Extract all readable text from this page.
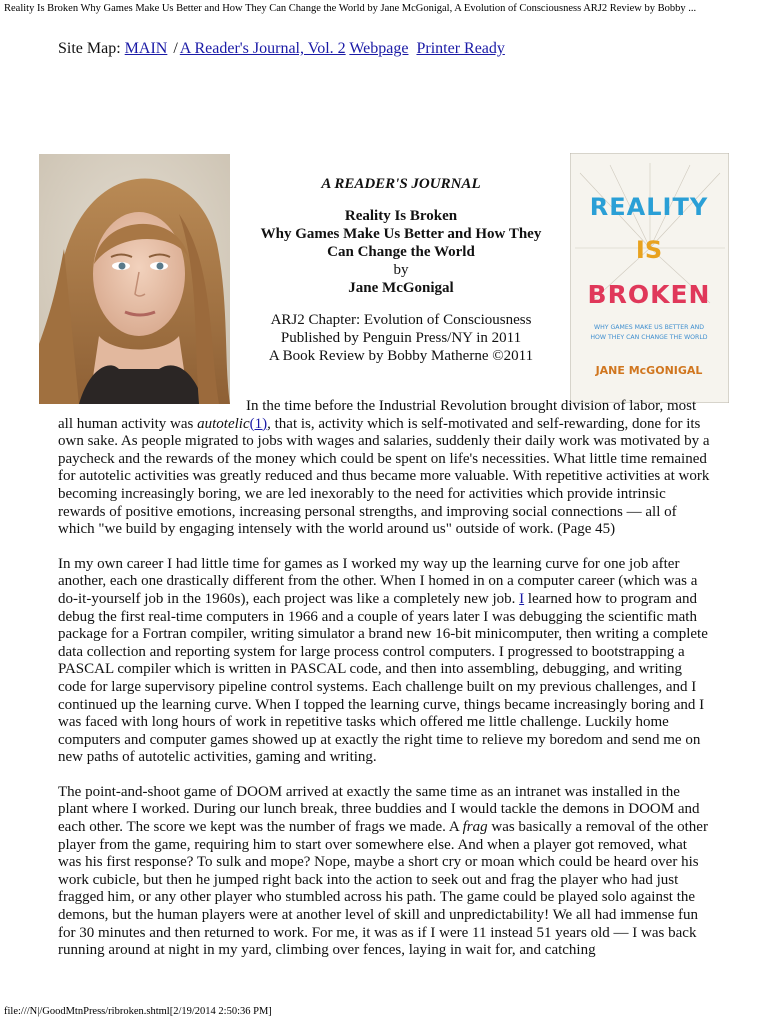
Reality Is Broken Why Games Make Us Better and How They Can Change the World by Jane McGonigal, A Evolution of Consciousness ARJ2 Review by Bobby ...
Site Map: MAIN / A Reader's Journal, Vol. 2 Webpage Printer Ready

A READER'S JOURNAL

Reality Is Broken
Why Games Make Us Better and How They
Can Change the World
by
Jane McGonigal

ARJ2 Chapter: Evolution of Consciousness
Published by Penguin Press/NY in 2011
A Book Review by Bobby Matherne ©2011

REALITY
IS
BROKEN
WHY GAMES MAKE US BETTER AND
HOW THEY CAN CHANGE THE WORLD
JANE McGONIGAL

In the time before the Industrial Revolution brought division of labor, most all human activity was autotelic(1), that is, activity which is self-motivated and self-rewarding, done for its own sake. As people migrated to jobs with wages and salaries, suddenly their daily work was motivated by a paycheck and the rewards of the money which could be spent on life's necessities. What little time remained for autotelic activities was greatly reduced and thus became more valuable. With repetitive activities at work becoming increasingly boring, we are led inexorably to the need for activities which provide intrinsic rewards of positive emotions, increasing personal strengths, and improving social connections — all of which "we build by engaging intensely with the world around us" outside of work. (Page 45)

In my own career I had little time for games as I worked my way up the learning curve for one job after another, each one drastically different from the other. When I homed in on a computer career (which was a do-it-yourself job in the 1960s), each project was like a completely new job. I learned how to program and debug the first real-time computers in 1966 and a couple of years later I was debugging the scientific math package for a Fortran compiler, writing simulator a brand new 16-bit minicomputer, then writing a complete data collection and reporting system for large process control computers. I progressed to bootstrapping a PASCAL compiler which is written in PASCAL code, and then into assembling, debugging, and writing code for large supervisory pipeline control systems. Each challenge built on my previous challenges, and I continued up the learning curve. When I topped the learning curve, things became increasingly boring and I was faced with long hours of work in repetitive tasks which offered me little challenge. Luckily home computers and computer games showed up at exactly the right time to relieve my boredom and send me on new paths of autotelic activities, gaming and writing.

The point-and-shoot game of DOOM arrived at exactly the same time as an intranet was installed in the plant where I worked. During our lunch break, three buddies and I would tackle the demons in DOOM and each other. The score we kept was the number of frags we made. A frag was basically a removal of the other player from the game, requiring him to start over somewhere else. And when a player got removed, what was his first response? To sulk and mope? Nope, maybe a short cry or moan which could be heard over his work cubicle, but then he jumped right back into the action to seek out and frag the player who had just fragged him, or any other player who stumbled across his path. The game could be played solo against the demons, but the human players were at another level of skill and unpredictability! We all had immense fun for 30 minutes and then returned to work. For me, it was as if I were 11 instead 51 years old — I was back running around at night in my yard, climbing over fences, laying in wait for, and catching

file:///N|/GoodMtnPress/ribroken.shtml[2/19/2014 2:50:36 PM]
